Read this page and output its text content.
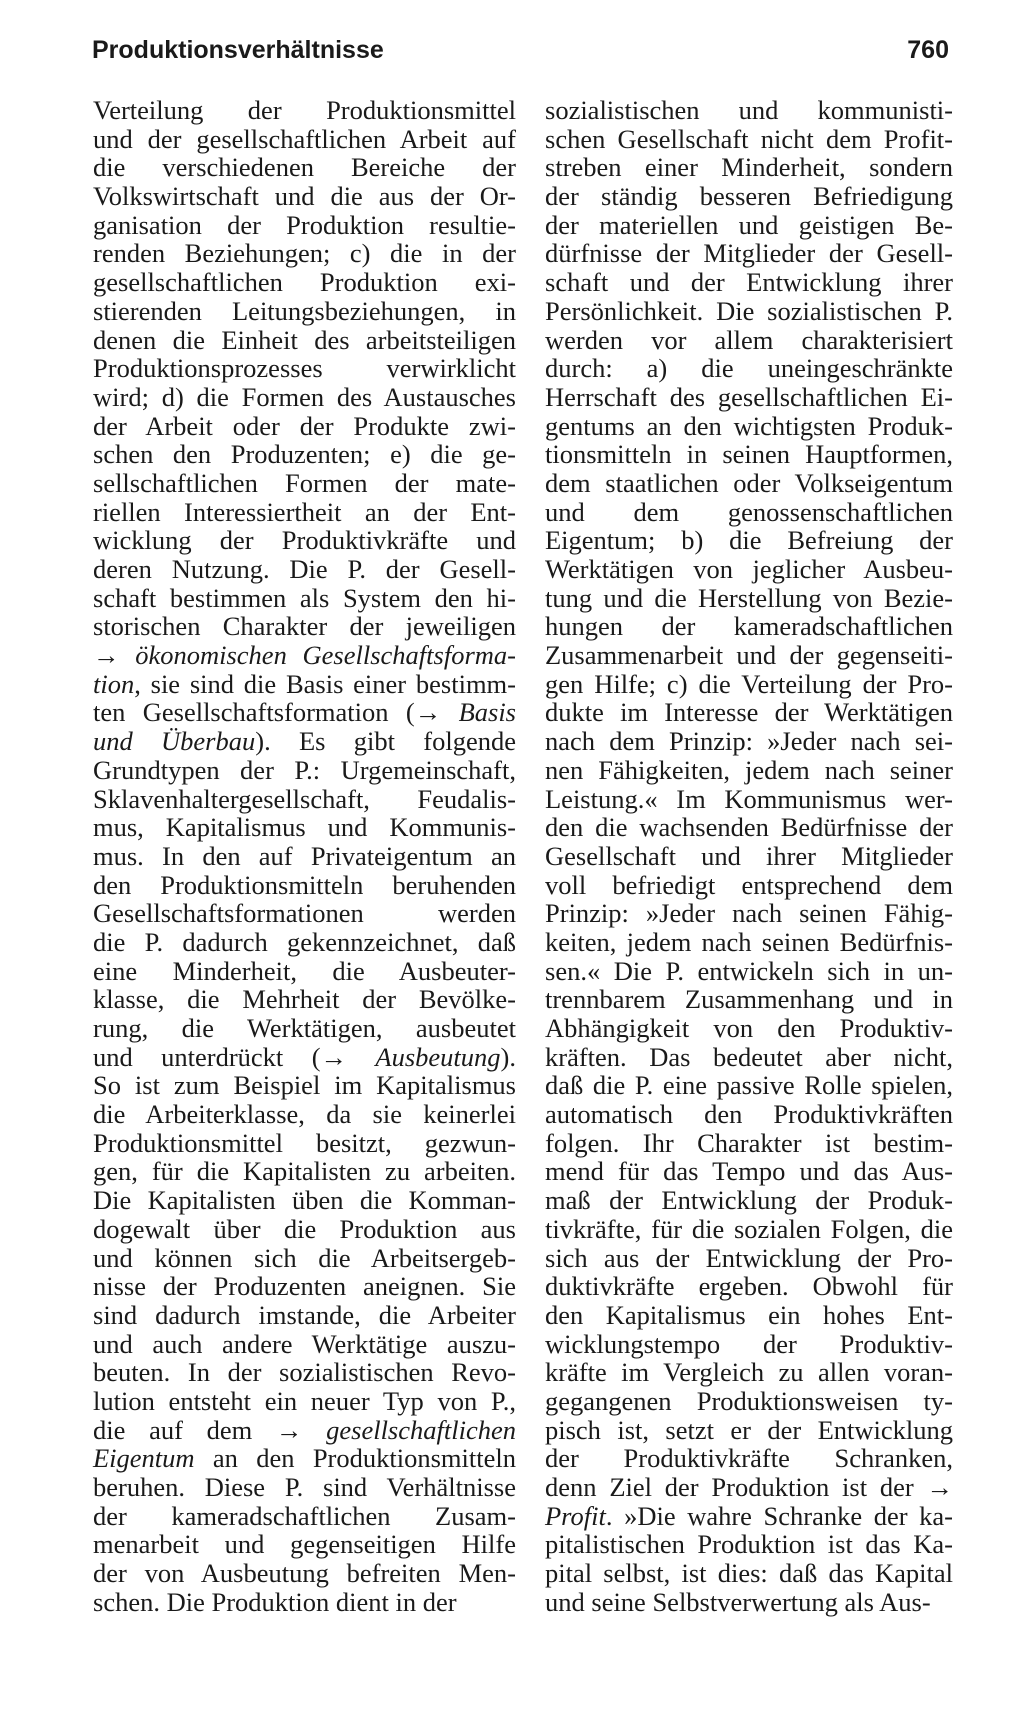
Produktionsverhältnisse	760
Verteilung der Produktionsmittel
und der gesellschaftlichen Arbeit auf
die verschiedenen Bereiche der
Volkswirtschaft und die aus der Or-
ganisation der Produktion resultie-
renden Beziehungen; c) die in der
gesellschaftlichen Produktion exi-
stierenden Leitungsbeziehungen, in
denen die Einheit des arbeitsteiligen
Produktionsprozesses verwirklicht
wird; d) die Formen des Austausches
der Arbeit oder der Produkte zwi-
schen den Produzenten; e) die ge-
sellschaftlichen Formen der mate-
riellen Interessiertheit an der Ent-
wicklung der Produktivkräfte und
deren Nutzung. Die P. der Gesell-
schaft bestimmen als System den hi-
storischen Charakter der jeweiligen
→ ökonomischen Gesellschaftsforma-
tion, sie sind die Basis einer bestimm-
ten Gesellschaftsformation (→ Basis
und Überbau). Es gibt folgende
Grundtypen der P.: Urgemeinschaft,
Sklavenhaltergesellschaft, Feudalis-
mus, Kapitalismus und Kommunis-
mus. In den auf Privateigentum an
den Produktionsmitteln beruhenden
Gesellschaftsformationen werden
die P. dadurch gekennzeichnet, daß
eine Minderheit, die Ausbeuter-
klasse, die Mehrheit der Bevölke-
rung, die Werktätigen, ausbeutet
und unterdrückt (→ Ausbeutung).
So ist zum Beispiel im Kapitalismus
die Arbeiterklasse, da sie keinerlei
Produktionsmittel besitzt, gezwun-
gen, für die Kapitalisten zu arbeiten.
Die Kapitalisten üben die Komman-
dogewalt über die Produktion aus
und können sich die Arbeitsergeb-
nisse der Produzenten aneignen. Sie
sind dadurch imstande, die Arbeiter
und auch andere Werktätige auszu-
beuten. In der sozialistischen Revo-
lution entsteht ein neuer Typ von P.,
die auf dem → gesellschaftlichen
Eigentum an den Produktionsmitteln
beruhen. Diese P. sind Verhältnisse
der kameradschaftlichen Zusam-
menarbeit und gegenseitigen Hilfe
der von Ausbeutung befreiten Men-
schen. Die Produktion dient in der
sozialistischen und kommunisti-
schen Gesellschaft nicht dem Profit-
streben einer Minderheit, sondern
der ständig besseren Befriedigung
der materiellen und geistigen Be-
dürfnisse der Mitglieder der Gesell-
schaft und der Entwicklung ihrer
Persönlichkeit. Die sozialistischen P.
werden vor allem charakterisiert
durch: a) die uneingeschränkte
Herrschaft des gesellschaftlichen Ei-
gentums an den wichtigsten Produk-
tionsmitteln in seinen Hauptformen,
dem staatlichen oder Volkseigentum
und dem genossenschaftlichen
Eigentum; b) die Befreiung der
Werktätigen von jeglicher Ausbeu-
tung und die Herstellung von Bezie-
hungen der kameradschaftlichen
Zusammenarbeit und der gegenseiti-
gen Hilfe; c) die Verteilung der Pro-
dukte im Interesse der Werktätigen
nach dem Prinzip: »Jeder nach sei-
nen Fähigkeiten, jedem nach seiner
Leistung.« Im Kommunismus wer-
den die wachsenden Bedürfnisse der
Gesellschaft und ihrer Mitglieder
voll befriedigt entsprechend dem
Prinzip: »Jeder nach seinen Fähig-
keiten, jedem nach seinen Bedürfnis-
sen.« Die P. entwickeln sich in un-
trennbarem Zusammenhang und in
Abhängigkeit von den Produktiv-
kräften. Das bedeutet aber nicht,
daß die P. eine passive Rolle spielen,
automatisch den Produktivkräften
folgen. Ihr Charakter ist bestim-
mend für das Tempo und das Aus-
maß der Entwicklung der Produk-
tivkräfte, für die sozialen Folgen, die
sich aus der Entwicklung der Pro-
duktivkräfte ergeben. Obwohl für
den Kapitalismus ein hohes Ent-
wicklungstempo der Produktiv-
kräfte im Vergleich zu allen voran-
gegangenen Produktionsweisen ty-
pisch ist, setzt er der Entwicklung
der Produktivkräfte Schranken,
denn Ziel der Produktion ist der →
Profit. »Die wahre Schranke der ka-
pitalistischen Produktion ist das Ka-
pital selbst, ist dies: daß das Kapital
und seine Selbstverwertung als Aus-
